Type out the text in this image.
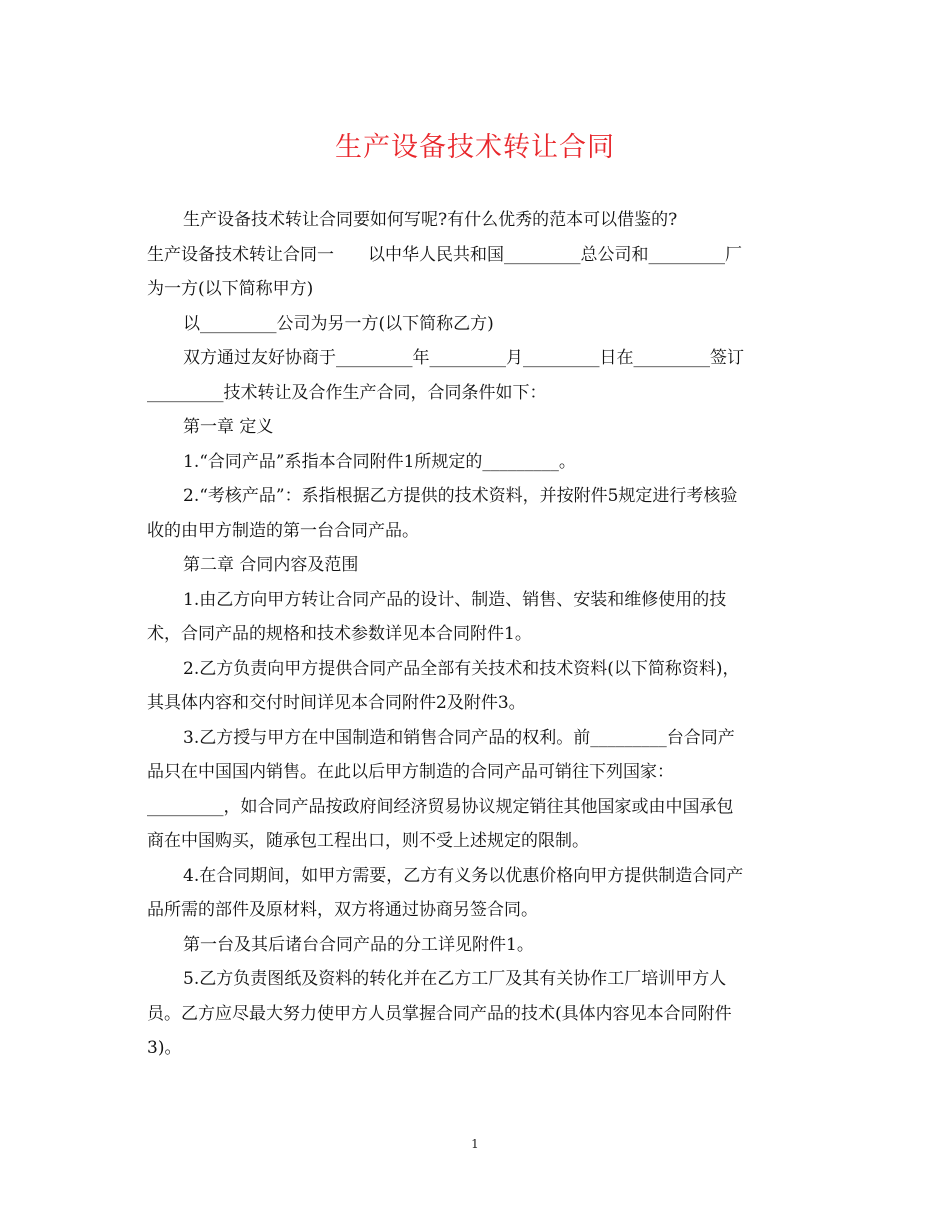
生产设备技术转让合同

生产设备技术转让合同要如何写呢?有什么优秀的范本可以借鉴的?

生产设备技术转让合同一　　以中华人民共和国_________总公司和_________厂

为一方(以下简称甲方)

以_________公司为另一方(以下简称乙方)

双方通过友好协商于_________年_________月_________日在_________签订

_________技术转让及合作生产合同，合同条件如下：

第一章 定义

1.“合同产品”系指本合同附件1所规定的_________。

2.“考核产品”：系指根据乙方提供的技术资料，并按附件5规定进行考核验

收的由甲方制造的第一台合同产品。

第二章 合同内容及范围

1.由乙方向甲方转让合同产品的设计、制造、销售、安装和维修使用的技

术，合同产品的规格和技术参数详见本合同附件1。

2.乙方负责向甲方提供合同产品全部有关技术和技术资料(以下简称资料)，

其具体内容和交付时间详见本合同附件2及附件3。

3.乙方授与甲方在中国制造和销售合同产品的权利。前_________台合同产

品只在中国国内销售。在此以后甲方制造的合同产品可销往下列国家：

_________，如合同产品按政府间经济贸易协议规定销往其他国家或由中国承包

商在中国购买，随承包工程出口，则不受上述规定的限制。

4.在合同期间，如甲方需要，乙方有义务以优惠价格向甲方提供制造合同产

品所需的部件及原材料，双方将通过协商另签合同。

第一台及其后诸台合同产品的分工详见附件1。

5.乙方负责图纸及资料的转化并在乙方工厂及其有关协作工厂培训甲方人

员。乙方应尽最大努力使甲方人员掌握合同产品的技术(具体内容见本合同附件

3)。

1
